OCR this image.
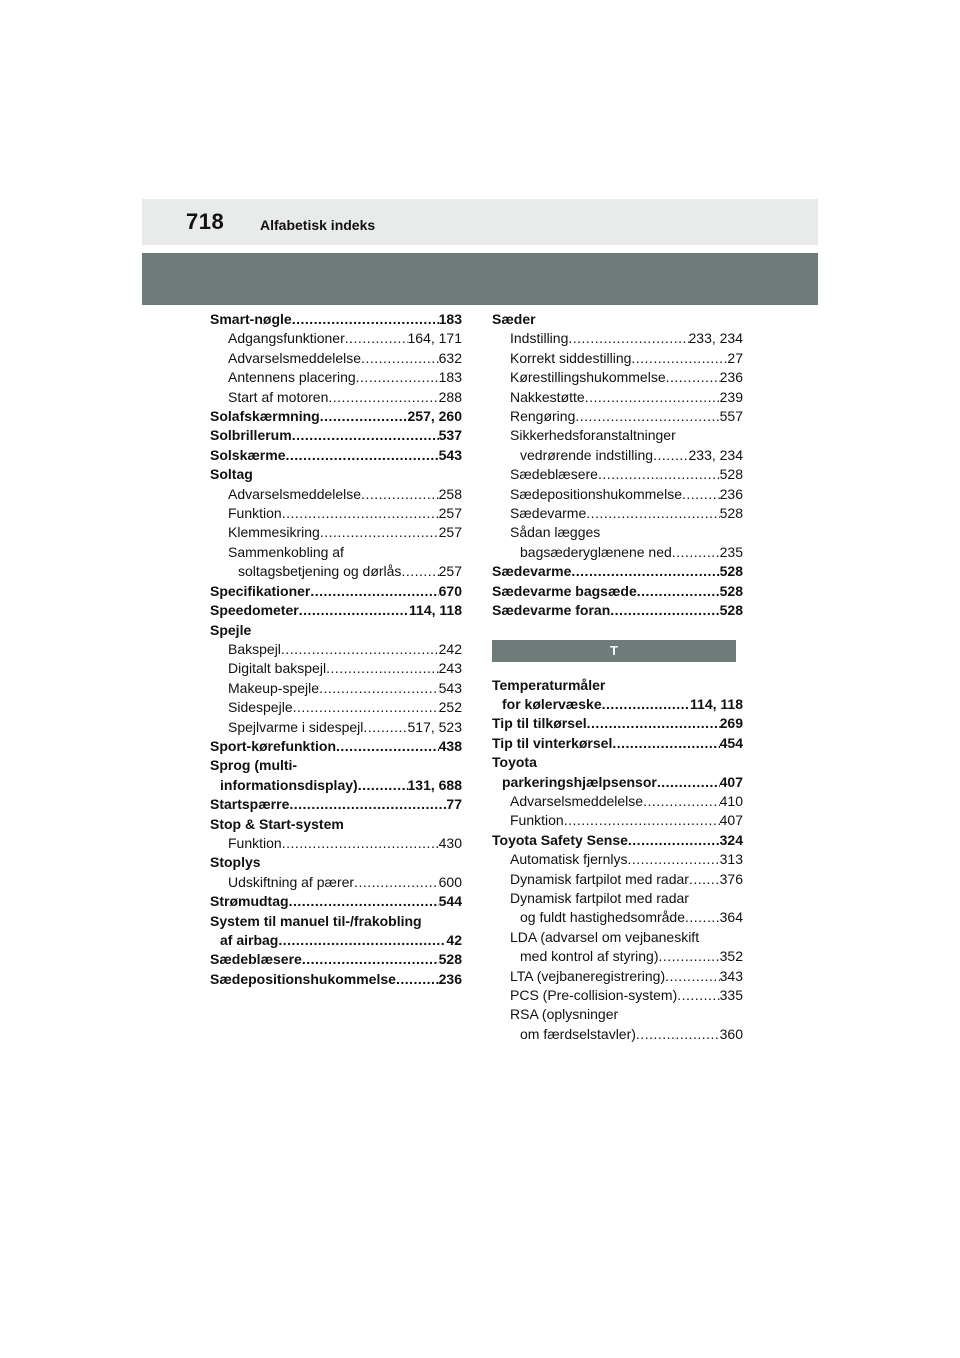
718	Alfabetisk indeks
Smart-nøgle .....	183
Adgangsfunktioner .....	164, 171
Advarselsmeddelelse .....	632
Antennens placering .....	183
Start af motoren .....	288
Solafskærmning .....	257, 260
Solbrillerum .....	537
Solskærme .....	543
Soltag
Advarselsmeddelelse .....	258
Funktion .....	257
Klemmesikring .....	257
Sammenkobling af
soltagsbetjening og dørlås .....	257
Specifikationer .....	670
Speedometer .....	114, 118
Spejle
Bakspejl .....	242
Digitalt bakspejl .....	243
Makeup-spejle .....	543
Sidespejle .....	252
Spejlvarme i sidespejl .....	517, 523
Sport-kørefunktion .....	438
Sprog (multi-
informationsdisplay) .....	131, 688
Startspærre .....	77
Stop & Start-system
Funktion .....	430
Stoplys
Udskiftning af pærer .....	600
Strømudtag .....	544
System til manuel til-/frakobling
af airbag .....	42
Sædeblæsere .....	528
Sædepositionshukommelse .....	236
Sæder
Indstilling .....	233, 234
Korrekt siddestilling .....	27
Kørestillingshukommelse .....	236
Nakkestøtte .....	239
Rengøring .....	557
Sikkerhedsforanstaltninger
vedrørende indstilling .....	233, 234
Sædeblæsere .....	528
Sædepositionshukommelse .....	236
Sædevarme .....	528
Sådan lægges
bagsæderyglænene ned .....	235
Sædevarme .....	528
Sædevarme bagsæde .....	528
Sædevarme foran .....	528
T
Temperaturmåler
for kølervæske .....	114, 118
Tip til tilkørsel .....	269
Tip til vinterkørsel .....	454
Toyota
parkeringshjælpsensor .....	407
Advarselsmeddelelse .....	410
Funktion .....	407
Toyota Safety Sense .....	324
Automatisk fjernlys .....	313
Dynamisk fartpilot med radar ..... 376
Dynamisk fartpilot med radar
og fuldt hastighedsområde ..... 364
LDA (advarsel om vejbaneskift
med kontrol af styring) .....	352
LTA (vejbaneregistrering) .....	343
PCS (Pre-collision-system) .....	335
RSA (oplysninger
om færdselstavler) .....	360
